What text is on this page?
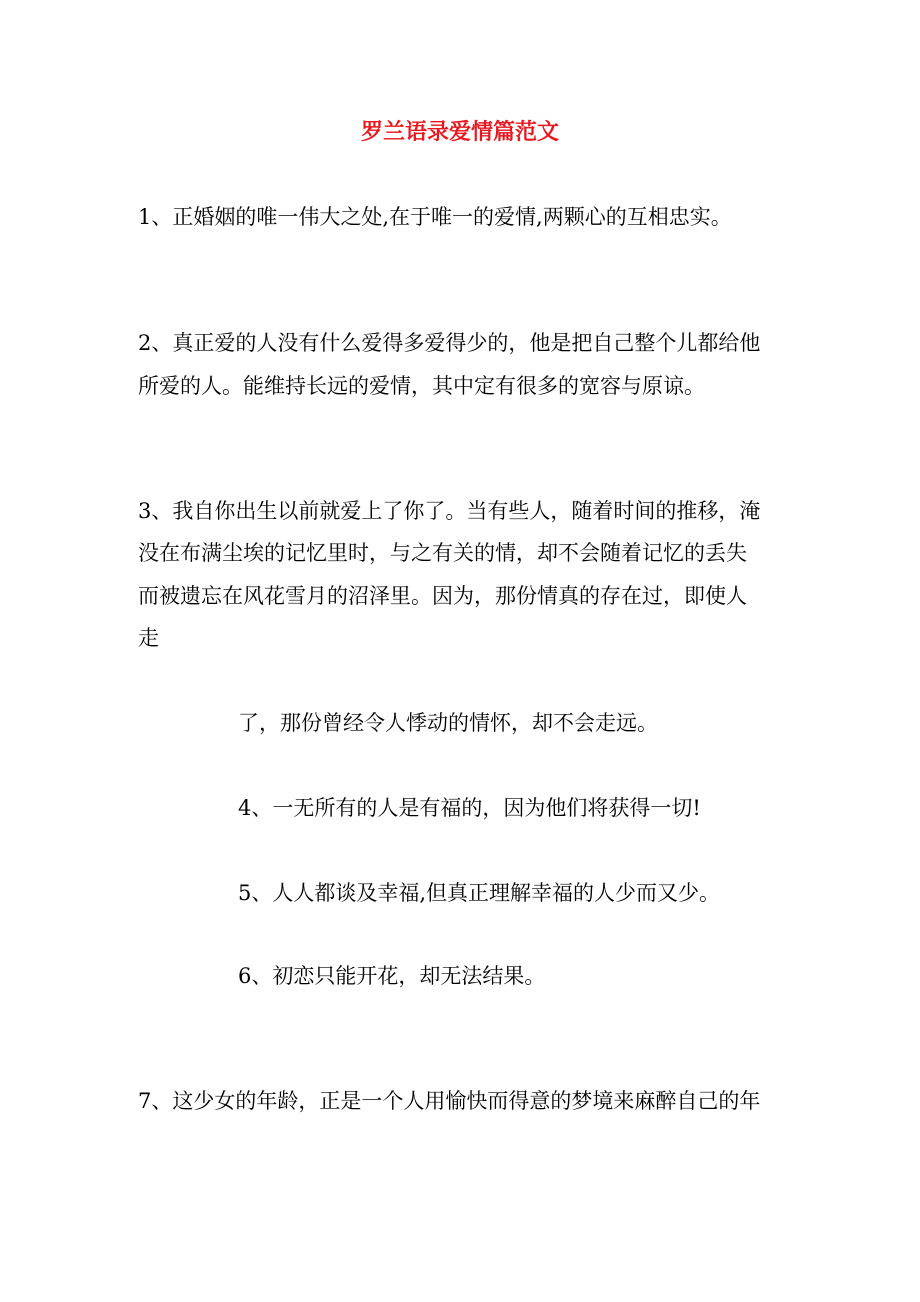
罗兰语录爱情篇范文
1、正婚姻的唯一伟大之处,在于唯一的爱情,两颗心的互相忠实。
2、真正爱的人没有什么爱得多爱得少的，他是把自己整个儿都给他
所爱的人。能维持长远的爱情，其中定有很多的宽容与原谅。
3、我自你出生以前就爱上了你了。当有些人，随着时间的推移，淹
没在布满尘埃的记忆里时，与之有关的情，却不会随着记忆的丢失
而被遗忘在风花雪月的沼泽里。因为，那份情真的存在过，即使人
走
了，那份曾经令人悸动的情怀，却不会走远。
4、一无所有的人是有福的，因为他们将获得一切!
5、人人都谈及幸福,但真正理解幸福的人少而又少。
6、初恋只能开花，却无法结果。
7、这少女的年龄，正是一个人用愉快而得意的梦境来麻醉自己的年
